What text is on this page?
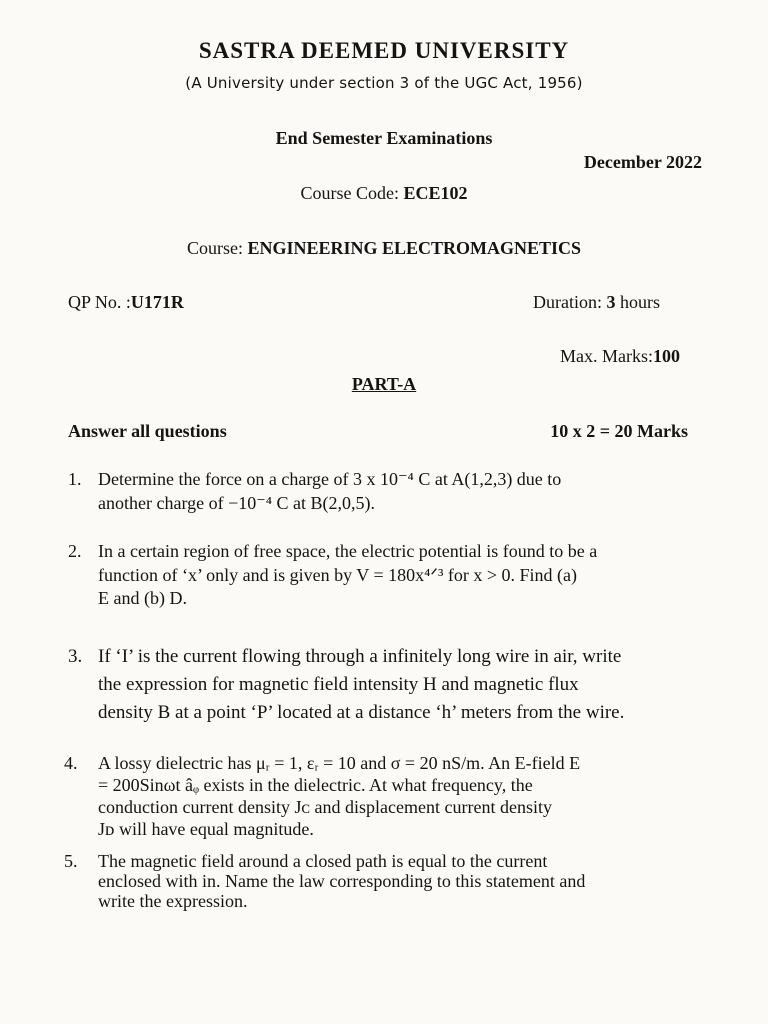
SASTRA DEEMED UNIVERSITY
(A University under section 3 of the UGC Act, 1956)
End Semester Examinations
December 2022
Course Code: ECE102
Course: ENGINEERING ELECTROMAGNETICS
QP No. :U171R	Duration: 3 hours
Max. Marks:100
PART-A
Answer all questions	10 x 2 = 20 Marks
1. Determine the force on a charge of 3 x 10⁻⁴ C at A(1,2,3) due to
another charge of −10⁻⁴ C at B(2,0,5).
2. In a certain region of free space, the electric potential is found to be a
function of ‘x’ only and is given by V = 180x⁴ᐟ³ for x > 0. Find (a)
E and (b) D.
3. If ‘I’ is the current flowing through a infinitely long wire in air, write
the expression for magnetic field intensity H and magnetic flux
density B at a point ‘P’ located at a distance ‘h’ meters from the wire.
4.	A lossy dielectric has μᵣ = 1, εᵣ = 10 and σ = 20 nS/m. An E-field E
= 200Sinωt âᵩ exists in the dielectric. At what frequency, the
conduction current density Jᴄ and displacement current density
Jᴅ will have equal magnitude.
5.	The magnetic field around a closed path is equal to the current
enclosed with in. Name the law corresponding to this statement and
write the expression.
